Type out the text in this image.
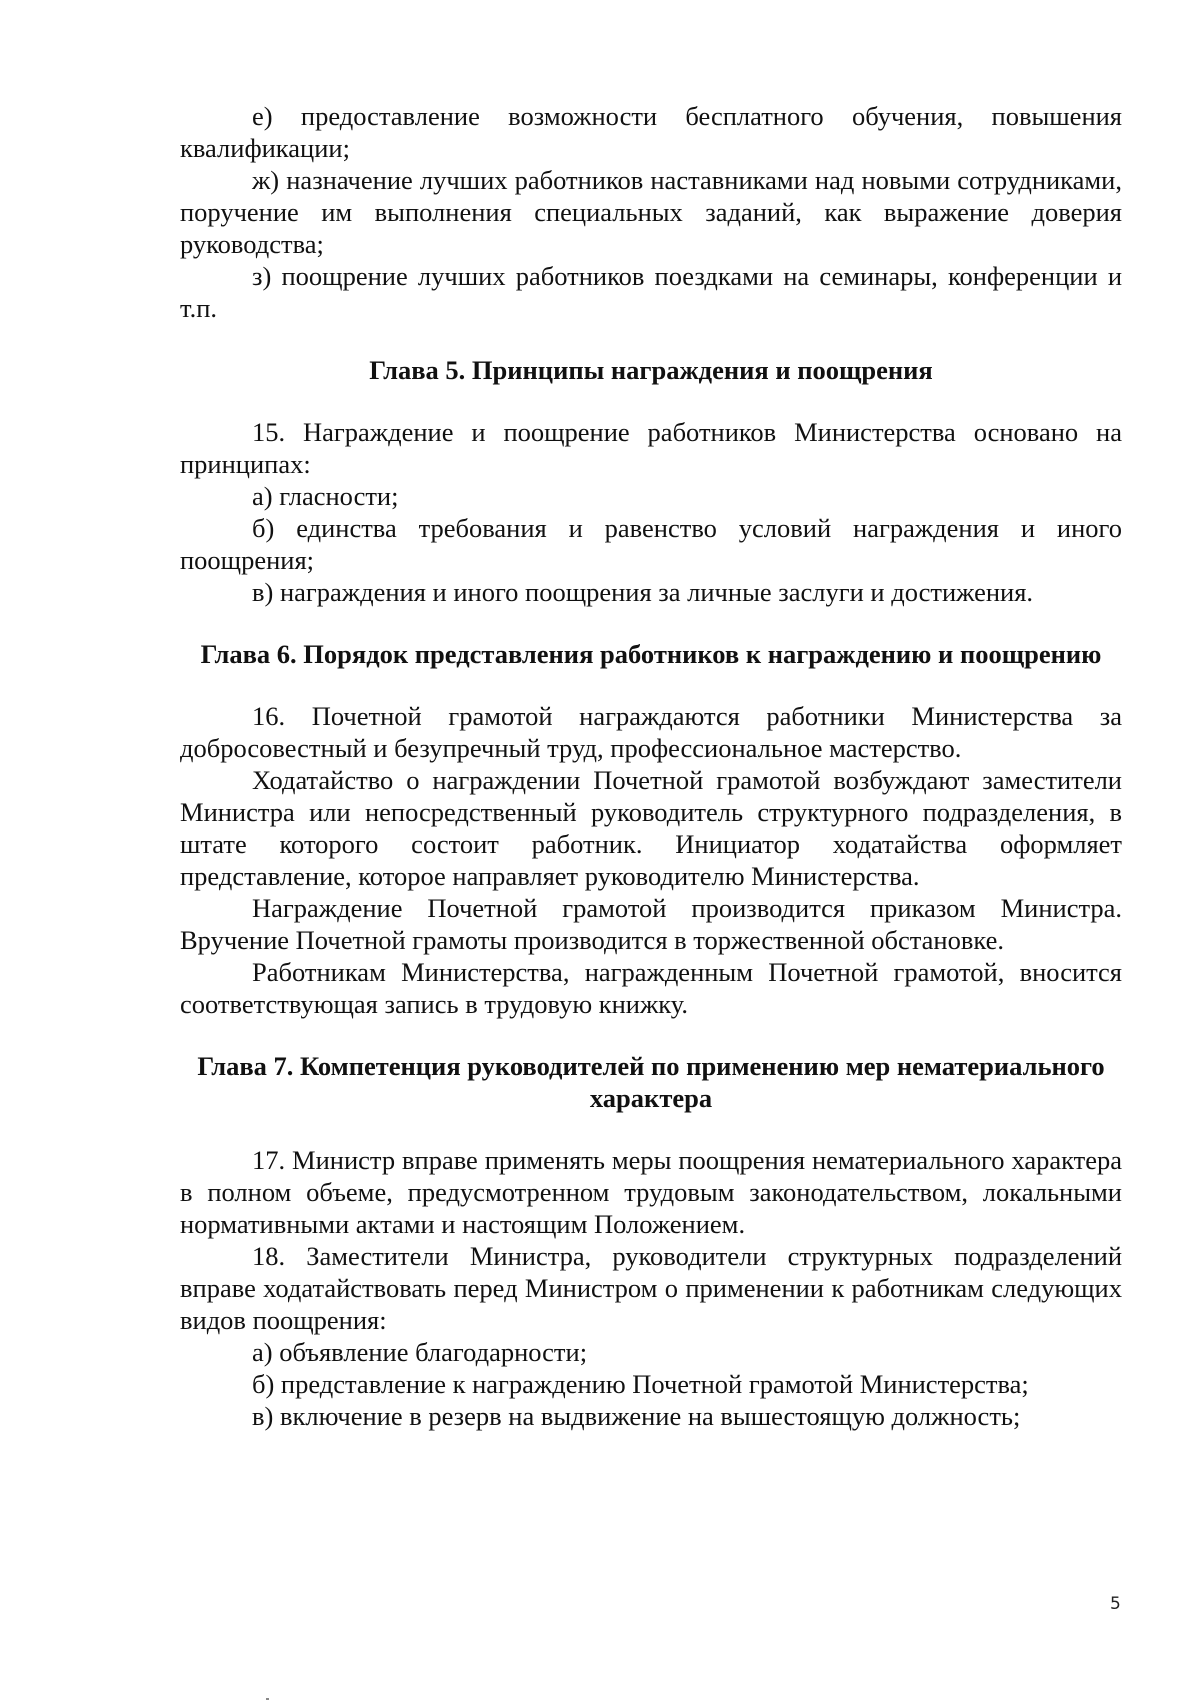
е) предоставление возможности бесплатного обучения, повышения квалификации;

ж) назначение лучших работников наставниками над новыми сотрудниками, поручение им выполнения специальных заданий, как выражение доверия руководства;

з) поощрение лучших работников поездками на семинары, конференции и т.п.

Глава 5. Принципы награждения и поощрения

15. Награждение и поощрение работников Министерства основано на принципах:

а) гласности;

б) единства требования и равенство условий награждения и иного поощрения;

в) награждения и иного поощрения за личные заслуги и достижения.

Глава 6. Порядок представления работников к награждению и поощрению

16. Почетной грамотой награждаются работники Министерства за добросовестный и безупречный труд, профессиональное мастерство.

Ходатайство о награждении Почетной грамотой возбуждают заместители Министра или непосредственный руководитель структурного подразделения, в штате которого состоит работник. Инициатор ходатайства оформляет представление, которое направляет руководителю Министерства.

Награждение Почетной грамотой производится приказом Министра. Вручение Почетной грамоты производится в торжественной обстановке.

Работникам Министерства, награжденным Почетной грамотой, вносится соответствующая запись в трудовую книжку.

Глава 7. Компетенция руководителей по применению мер нематериального характера

17. Министр вправе применять меры поощрения нематериального характера в полном объеме, предусмотренном трудовым законодательством, локальными нормативными актами и настоящим Положением.

18. Заместители Министра, руководители структурных подразделений вправе ходатайствовать перед Министром о применении к работникам следующих видов поощрения:

а) объявление благодарности;

б) представление к награждению Почетной грамотой Министерства;

в) включение в резерв на выдвижение на вышестоящую должность;

5
